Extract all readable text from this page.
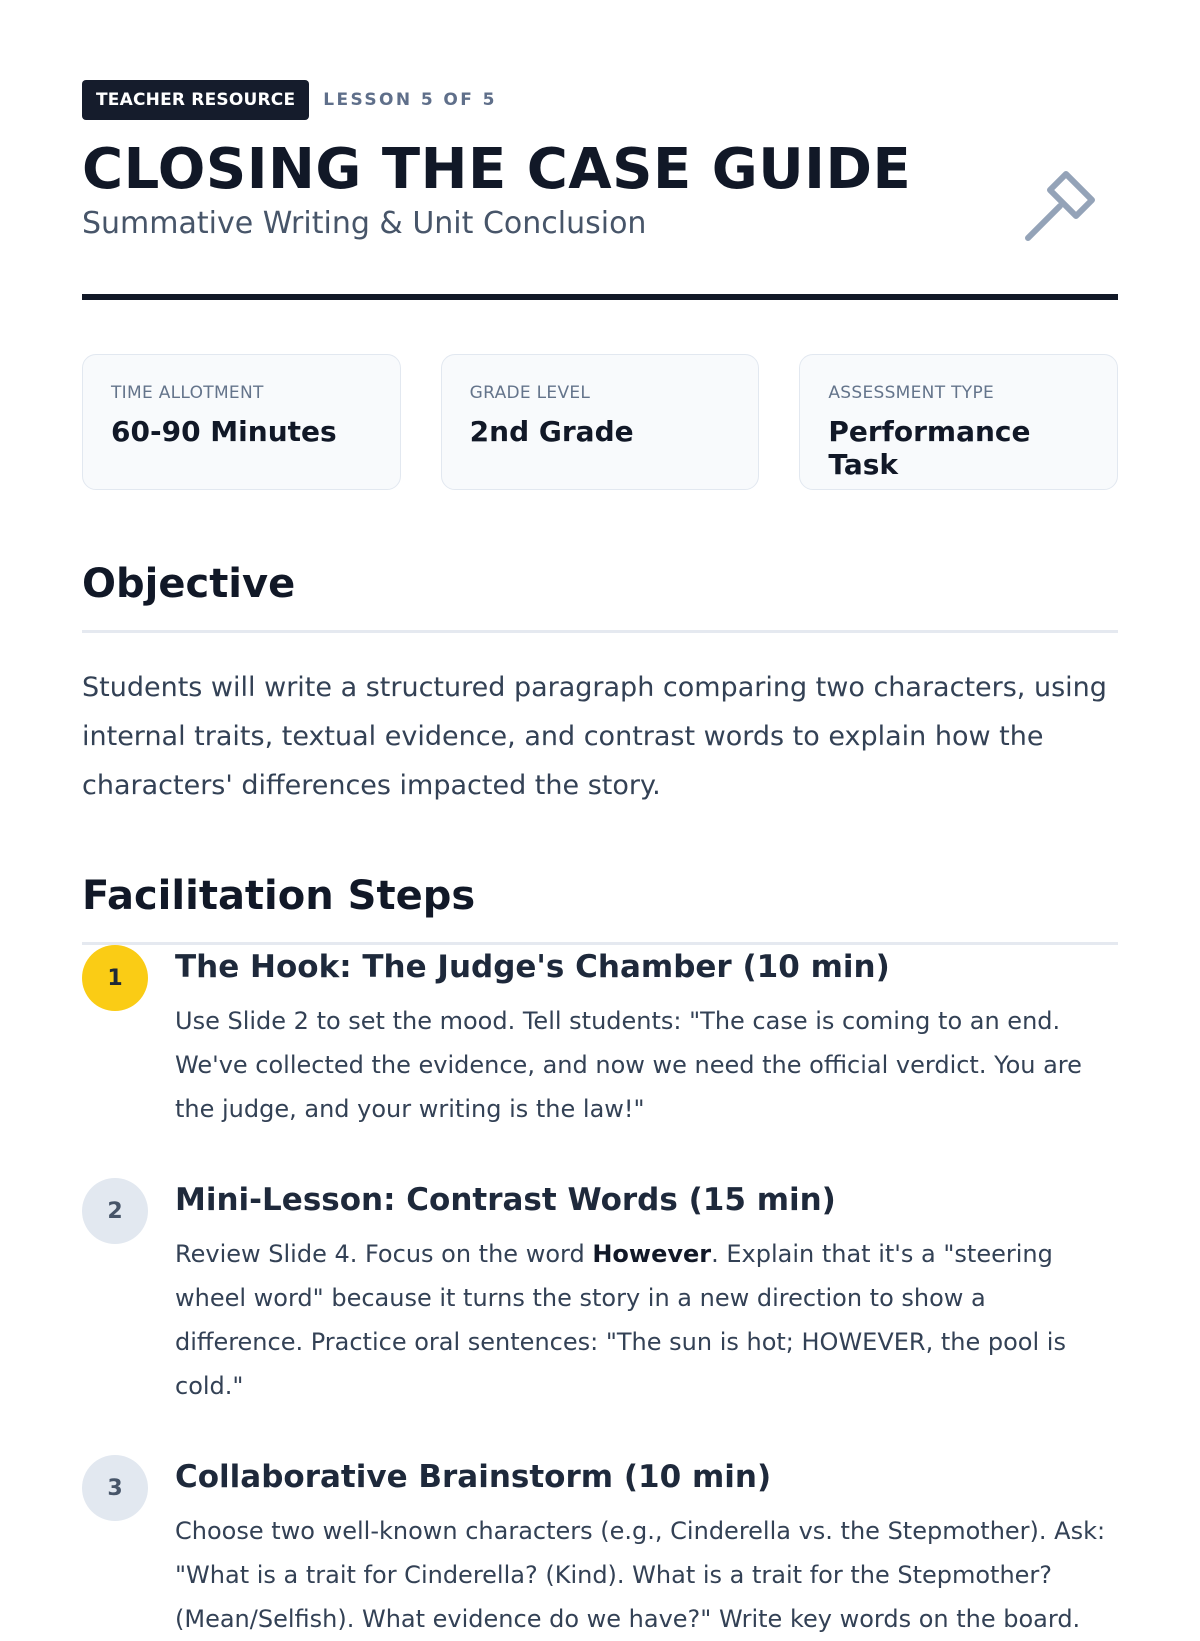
TEACHER RESOURCE	LESSON 5 OF 5
CLOSING THE CASE GUIDE
Summative Writing & Unit Conclusion
TIME ALLOTMENT
60-90 Minutes
GRADE LEVEL
2nd Grade
ASSESSMENT TYPE
Performance Task
Objective
Students will write a structured paragraph comparing two characters, using internal traits, textual evidence, and contrast words to explain how the characters' differences impacted the story.
Facilitation Steps
1	The Hook: The Judge's Chamber (10 min)
Use Slide 2 to set the mood. Tell students: "The case is coming to an end. We've collected the evidence, and now we need the official verdict. You are the judge, and your writing is the law!"
2	Mini-Lesson: Contrast Words (15 min)
Review Slide 4. Focus on the word However. Explain that it's a "steering wheel word" because it turns the story in a new direction to show a difference. Practice oral sentences: "The sun is hot; HOWEVER, the pool is cold."
3	Collaborative Brainstorm (10 min)
Choose two well-known characters (e.g., Cinderella vs. the Stepmother). Ask: "What is a trait for Cinderella? (Kind). What is a trait for the Stepmother? (Mean/Selfish). What evidence do we have?" Write key words on the board.
